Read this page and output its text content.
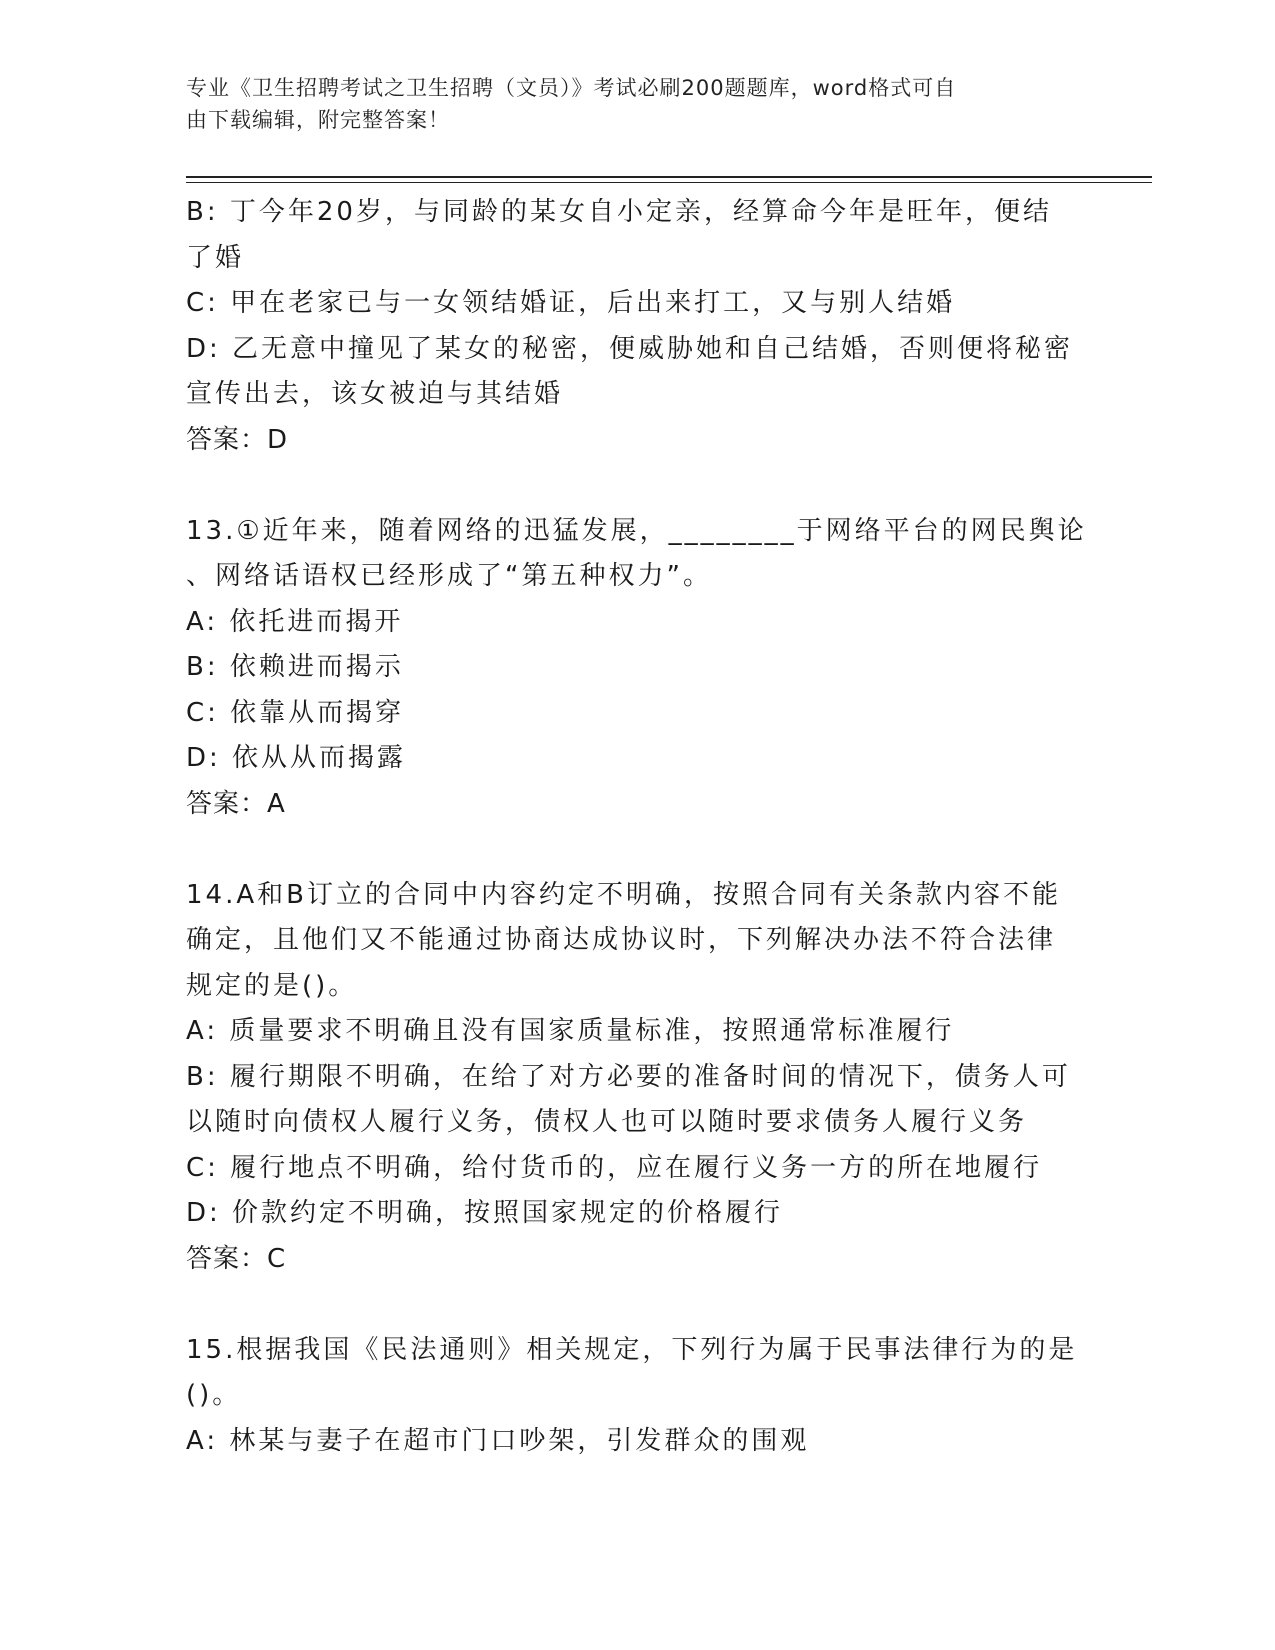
专业《卫生招聘考试之卫生招聘（文员）》考试必刷200题题库，word格式可自
由下载编辑，附完整答案！
B: 丁今年20岁，与同龄的某女自小定亲，经算命今年是旺年，便结
了婚
C: 甲在老家已与一女领结婚证，后出来打工，又与别人结婚
D: 乙无意中撞见了某女的秘密，便威胁她和自己结婚，否则便将秘密
宣传出去，该女被迫与其结婚
答案：D
13.①近年来，随着网络的迅猛发展，________于网络平台的网民舆论
、网络话语权已经形成了“第五种权力”。
A: 依托进而揭开
B: 依赖进而揭示
C: 依靠从而揭穿
D: 依从从而揭露
答案：A
14.A和B订立的合同中内容约定不明确，按照合同有关条款内容不能
确定，且他们又不能通过协商达成协议时，下列解决办法不符合法律
规定的是()。
A: 质量要求不明确且没有国家质量标准，按照通常标准履行
B: 履行期限不明确，在给了对方必要的准备时间的情况下，债务人可
以随时向债权人履行义务，债权人也可以随时要求债务人履行义务
C: 履行地点不明确，给付货币的，应在履行义务一方的所在地履行
D: 价款约定不明确，按照国家规定的价格履行
答案：C
15.根据我国《民法通则》相关规定，下列行为属于民事法律行为的是
()。
A: 林某与妻子在超市门口吵架，引发群众的围观
